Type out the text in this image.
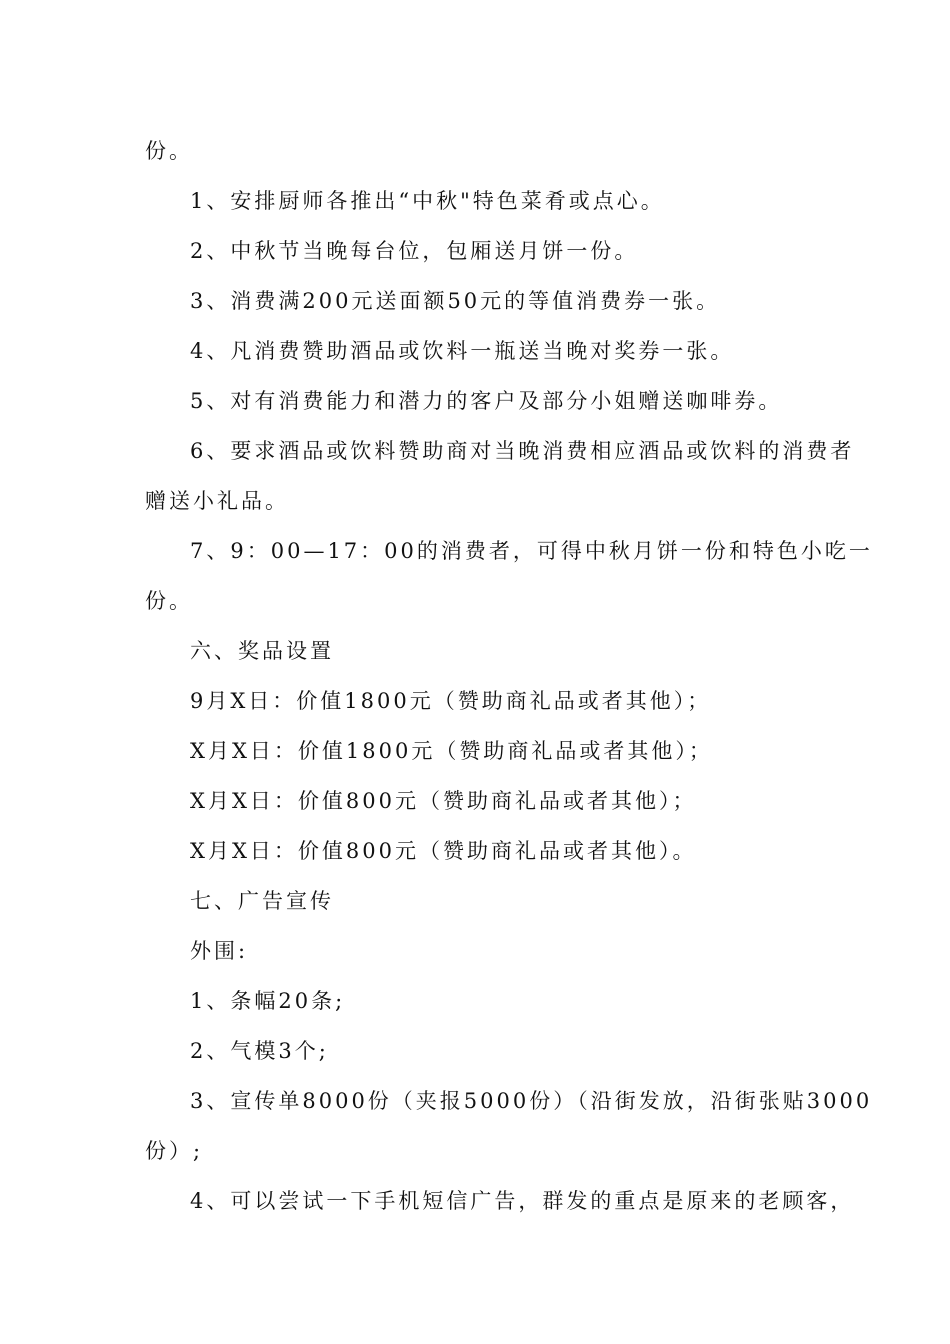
份。
1、安排厨师各推出“中秋"特色菜肴或点心。
2、中秋节当晚每台位，包厢送月饼一份。
3、消费满200元送面额50元的等值消费券一张。
4、凡消费赞助酒品或饮料一瓶送当晚对奖券一张。
5、对有消费能力和潜力的客户及部分小姐赠送咖啡券。
6、要求酒品或饮料赞助商对当晚消费相应酒品或饮料的消费者
赠送小礼品。
7、9：00—17：00的消费者，可得中秋月饼一份和特色小吃一
份。
六、奖品设置
9月X日：价值1800元（赞助商礼品或者其他）；
X月X日：价值1800元（赞助商礼品或者其他）；
X月X日：价值800元（赞助商礼品或者其他）；
X月X日：价值800元（赞助商礼品或者其他）。
七、广告宣传
外围:
1、条幅20条;
2、气模3个;
3、宣传单8000份（夹报5000份）（沿街发放，沿街张贴3000
份）;
4、可以尝试一下手机短信广告，群发的重点是原来的老顾客，
